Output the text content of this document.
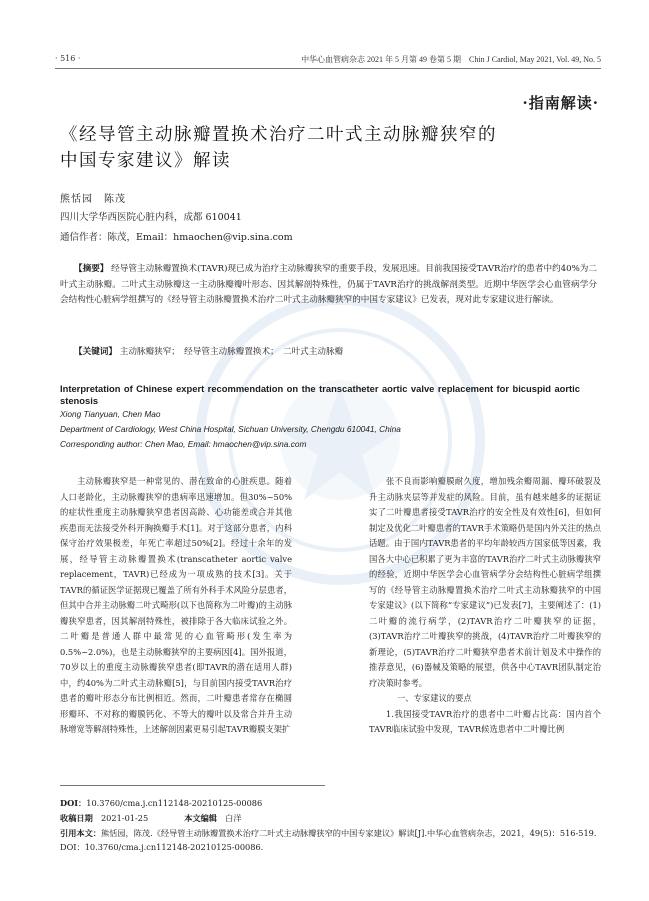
· 516 ·	中华心血管病杂志 2021 年 5 月第 49 卷第 5 期　Chin J Cardiol, May 2021, Vol. 49, No. 5
·指南解读·
《经导管主动脉瓣置换术治疗二叶式主动脉瓣狭窄的
中国专家建议》解读
熊恬园　陈茂
四川大学华西医院心脏内科，成都 610041
通信作者：陈茂，Email：hmaochen@vip.sina.com
【摘要】 经导管主动脉瓣置换术(TAVR)现已成为治疗主动脉瓣狭窄的重要手段，发展迅速。目前我国接受TAVR治疗的患者中约40%为二叶式主动脉瓣。二叶式主动脉瓣这一主动脉瓣瓣叶形态、因其解剖特殊性，仍属于TAVR治疗的挑战解剖类型。近期中华医学会心血管病学分会结构性心脏病学组撰写的《经导管主动脉瓣置换术治疗二叶式主动脉瓣狭窄的中国专家建议》已发表，现对此专家建议进行解读。
【关键词】 主动脉瓣狭窄；　经导管主动脉瓣置换术；　二叶式主动脉瓣
Interpretation of Chinese expert recommendation on the transcatheter aortic valve replacement for bicuspid aortic stenosis
Xiong Tianyuan, Chen Mao
Department of Cardiology, West China Hospital, Sichuan University, Chengdu 610041, China
Corresponding author: Chen Mao, Email: hmaochen@vip.sina.com

主动脉瓣狭窄是一种常见的、潜在致命的心脏疾患。随着人口老龄化，主动脉瓣狭窄的患病率迅速增加。但30%~50%的症状性重度主动脉瓣狭窄患者因高龄、心功能差或合并其他疾患而无法接受外科开胸换瓣手术[1]。对于这部分患者，内科保守治疗效果极差，年死亡率超过50%[2]。经过十余年的发展，经导管主动脉瓣置换术(transcatheter aortic valve replacement，TAVR)已经成为一项成熟的技术[3]。关于TAVR的循证医学证据现已覆盖了所有外科手术风险分层患者，但其中合并主动脉瓣二叶式畸形(以下也简称为二叶瓣)的主动脉瓣狭窄患者，因其解剖特殊性，被排除于各大临床试验之外。二叶瓣是普通人群中最常见的心血管畸形(发生率为0.5%~2.0%)，也是主动脉瓣狭窄的主要病因[4]。国外报道，70岁以上的重度主动脉瓣狭窄患者(即TAVR的潜在适用人群)中，约40%为二叶式主动脉瓣[5]，与目前国内接受TAVR治疗患者的瓣叶形态分布比例相近。然而，二叶瓣患者常存在椭圆形瓣环、不对称的瓣膜钙化、不等大的瓣叶以及常合并升主动脉增宽等解剖特殊性，上述解剖因素更易引起TAVR瓣膜支架扩

张不良而影响瓣膜耐久度，增加残余瓣周漏、瓣环破裂及升主动脉夹层等并发症的风险。目前，虽有越来越多的证据证实了二叶瓣患者接受TAVR治疗的安全性及有效性[6]，但如何制定及优化二叶瓣患者的TAVR手术策略仍是国内外关注的热点话题。由于国内TAVR患者的平均年龄较西方国家低等因素，我国各大中心已积累了更为丰富的TAVR治疗二叶式主动脉瓣狭窄的经验，近期中华医学会心血管病学分会结构性心脏病学组撰写的《经导管主动脉瓣置换术治疗二叶式主动脉瓣狭窄的中国专家建议》(以下简称“专家建议”)已发表[7]，主要阐述了：(1)二叶瓣的流行病学，(2)TAVR治疗二叶瓣狭窄的证据，(3)TAVR治疗二叶瓣狭窄的挑战，(4)TAVR治疗二叶瓣狭窄的新理论，(5)TAVR治疗二叶瓣狭窄患者术前计划及术中操作的推荐意见，(6)器械及策略的展望，供各中心TAVR团队制定治疗决策时参考。

一、专家建议的要点

1.我国接受TAVR治疗的患者中二叶瓣占比高：国内首个TAVR临床试验中发现，TAVR候选患者中二叶瓣比例

DOI：10.3760/cma.j.cn112148-20210125-00086
收稿日期　 2021-01-25	本文编辑　 白洋
引用本文：熊恬园，陈茂.《经导管主动脉瓣置换术治疗二叶式主动脉瓣狭窄的中国专家建议》解读[J].中华心血管病杂志，2021，49(5)：516-519. DOI：10.3760/cma.j.cn112148-20210125-00086.
